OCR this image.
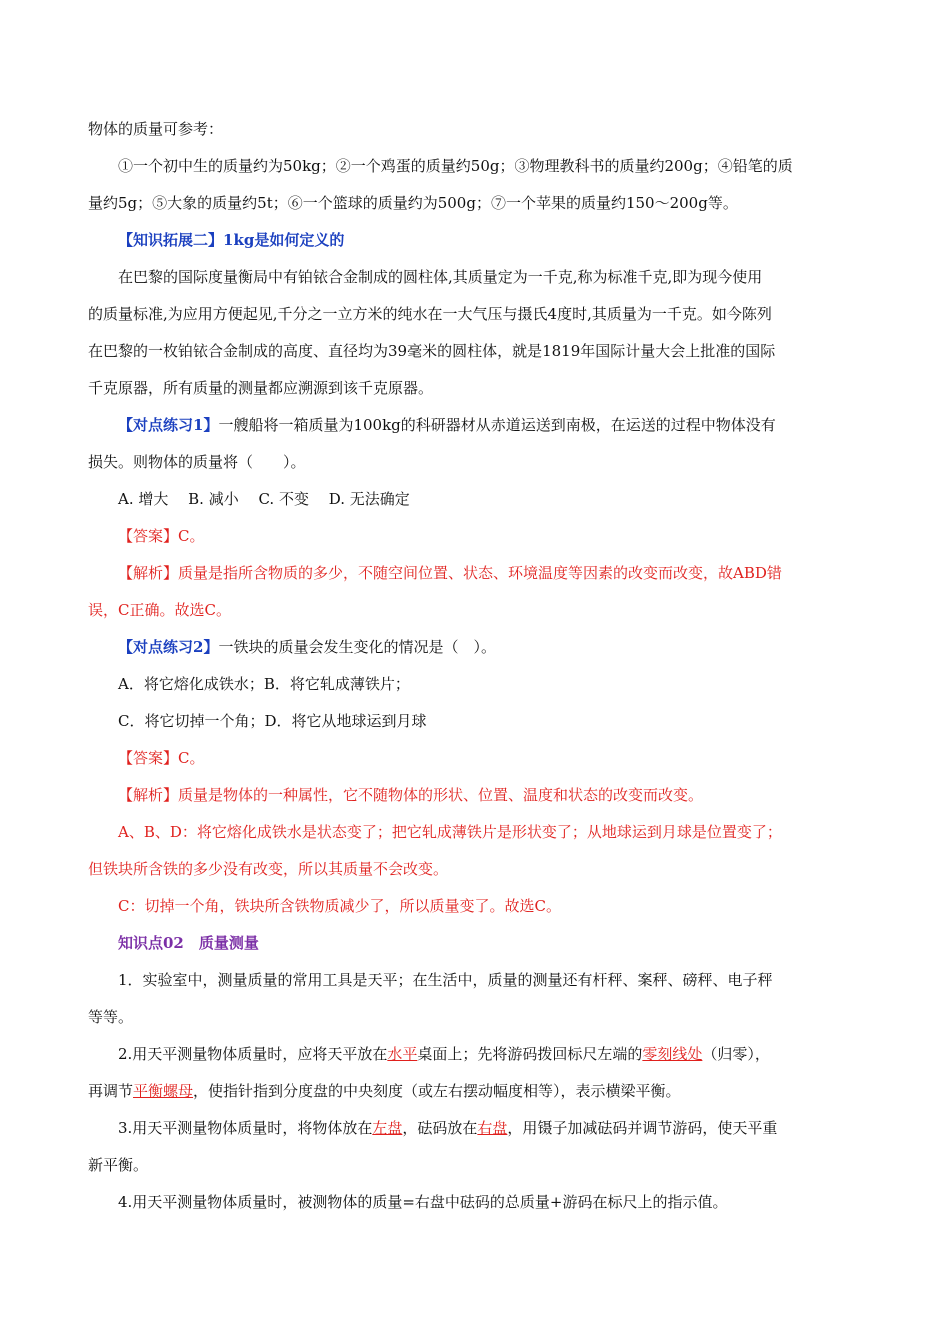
物体的质量可参考：
①一个初中生的质量约为50kg；②一个鸡蛋的质量约50g；③物理教科书的质量约200g；④铅笔的质
量约5g；⑤大象的质量约5t；⑥一个篮球的质量约为500g；⑦一个苹果的质量约150～200g等。
【知识拓展二】1kg是如何定义的
在巴黎的国际度量衡局中有铂铱合金制成的圆柱体,其质量定为一千克,称为标准千克,即为现今使用
的质量标准,为应用方便起见,千分之一立方米的纯水在一大气压与摄氏4度时,其质量为一千克。如今陈列
在巴黎的一枚铂铱合金制成的高度、直径均为39毫米的圆柱体，就是1819年国际计量大会上批准的国际
千克原器，所有质量的测量都应溯源到该千克原器。
【对点练习1】一艘船将一箱质量为100kg的科研器材从赤道运送到南极，在运送的过程中物体没有
损失。则物体的质量将（　　）。
A. 增大　 B. 减小　 C. 不变　 D. 无法确定
【答案】C。
【解析】质量是指所含物质的多少，不随空间位置、状态、环境温度等因素的改变而改变，故ABD错
误，C正确。故选C。
【对点练习2】一铁块的质量会发生变化的情况是（　）。
A．将它熔化成铁水；B．将它轧成薄铁片；
C．将它切掉一个角；D．将它从地球运到月球
【答案】C。
【解析】质量是物体的一种属性，它不随物体的形状、位置、温度和状态的改变而改变。
A、B、D：将它熔化成铁水是状态变了；把它轧成薄铁片是形状变了；从地球运到月球是位置变了；
但铁块所含铁的多少没有改变，所以其质量不会改变。
C：切掉一个角，铁块所含铁物质减少了，所以质量变了。故选C。
知识点02　质量测量
1．实验室中，测量质量的常用工具是天平；在生活中，质量的测量还有杆秤、案秤、磅秤、电子秤
等等。
2.用天平测量物体质量时，应将天平放在水平桌面上；先将游码拨回标尺左端的零刻线处（归零），
再调节平衡螺母，使指针指到分度盘的中央刻度（或左右摆动幅度相等），表示横梁平衡。
3.用天平测量物体质量时，将物体放在左盘，砝码放在右盘，用镊子加减砝码并调节游码，使天平重
新平衡。
4.用天平测量物体质量时，被测物体的质量=右盘中砝码的总质量+游码在标尺上的指示值。
